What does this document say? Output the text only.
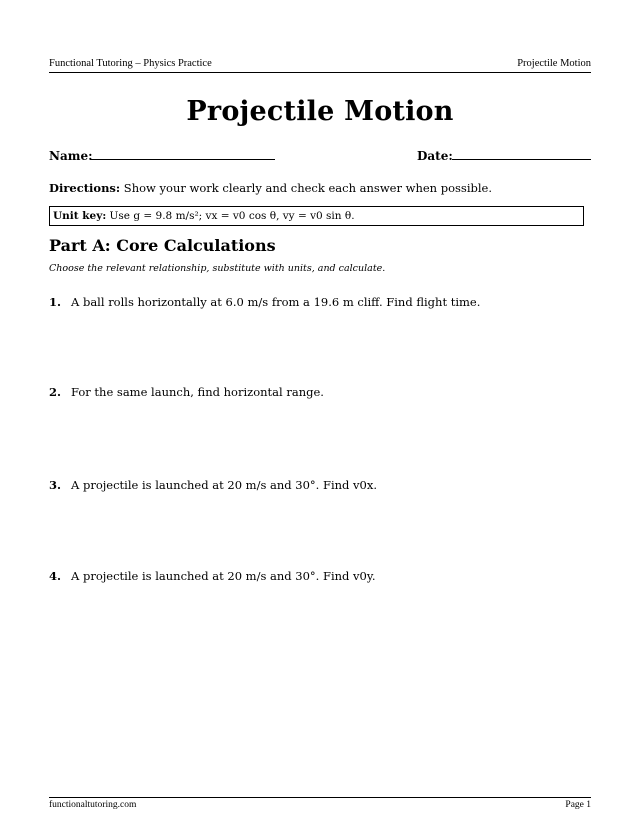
Functional Tutoring – Physics Practice	Projectile Motion
Projectile Motion
Name:	Date:
Directions: Show your work clearly and check each answer when possible.
Unit key: Use g = 9.8 m/s²; vx = v0 cos θ, vy = v0 sin θ.
Part A: Core Calculations
Choose the relevant relationship, substitute with units, and calculate.
1. A ball rolls horizontally at 6.0 m/s from a 19.6 m cliff. Find flight time.
2. For the same launch, find horizontal range.
3. A projectile is launched at 20 m/s and 30°. Find v0x.
4. A projectile is launched at 20 m/s and 30°. Find v0y.
functionaltutoring.com	Page 1
